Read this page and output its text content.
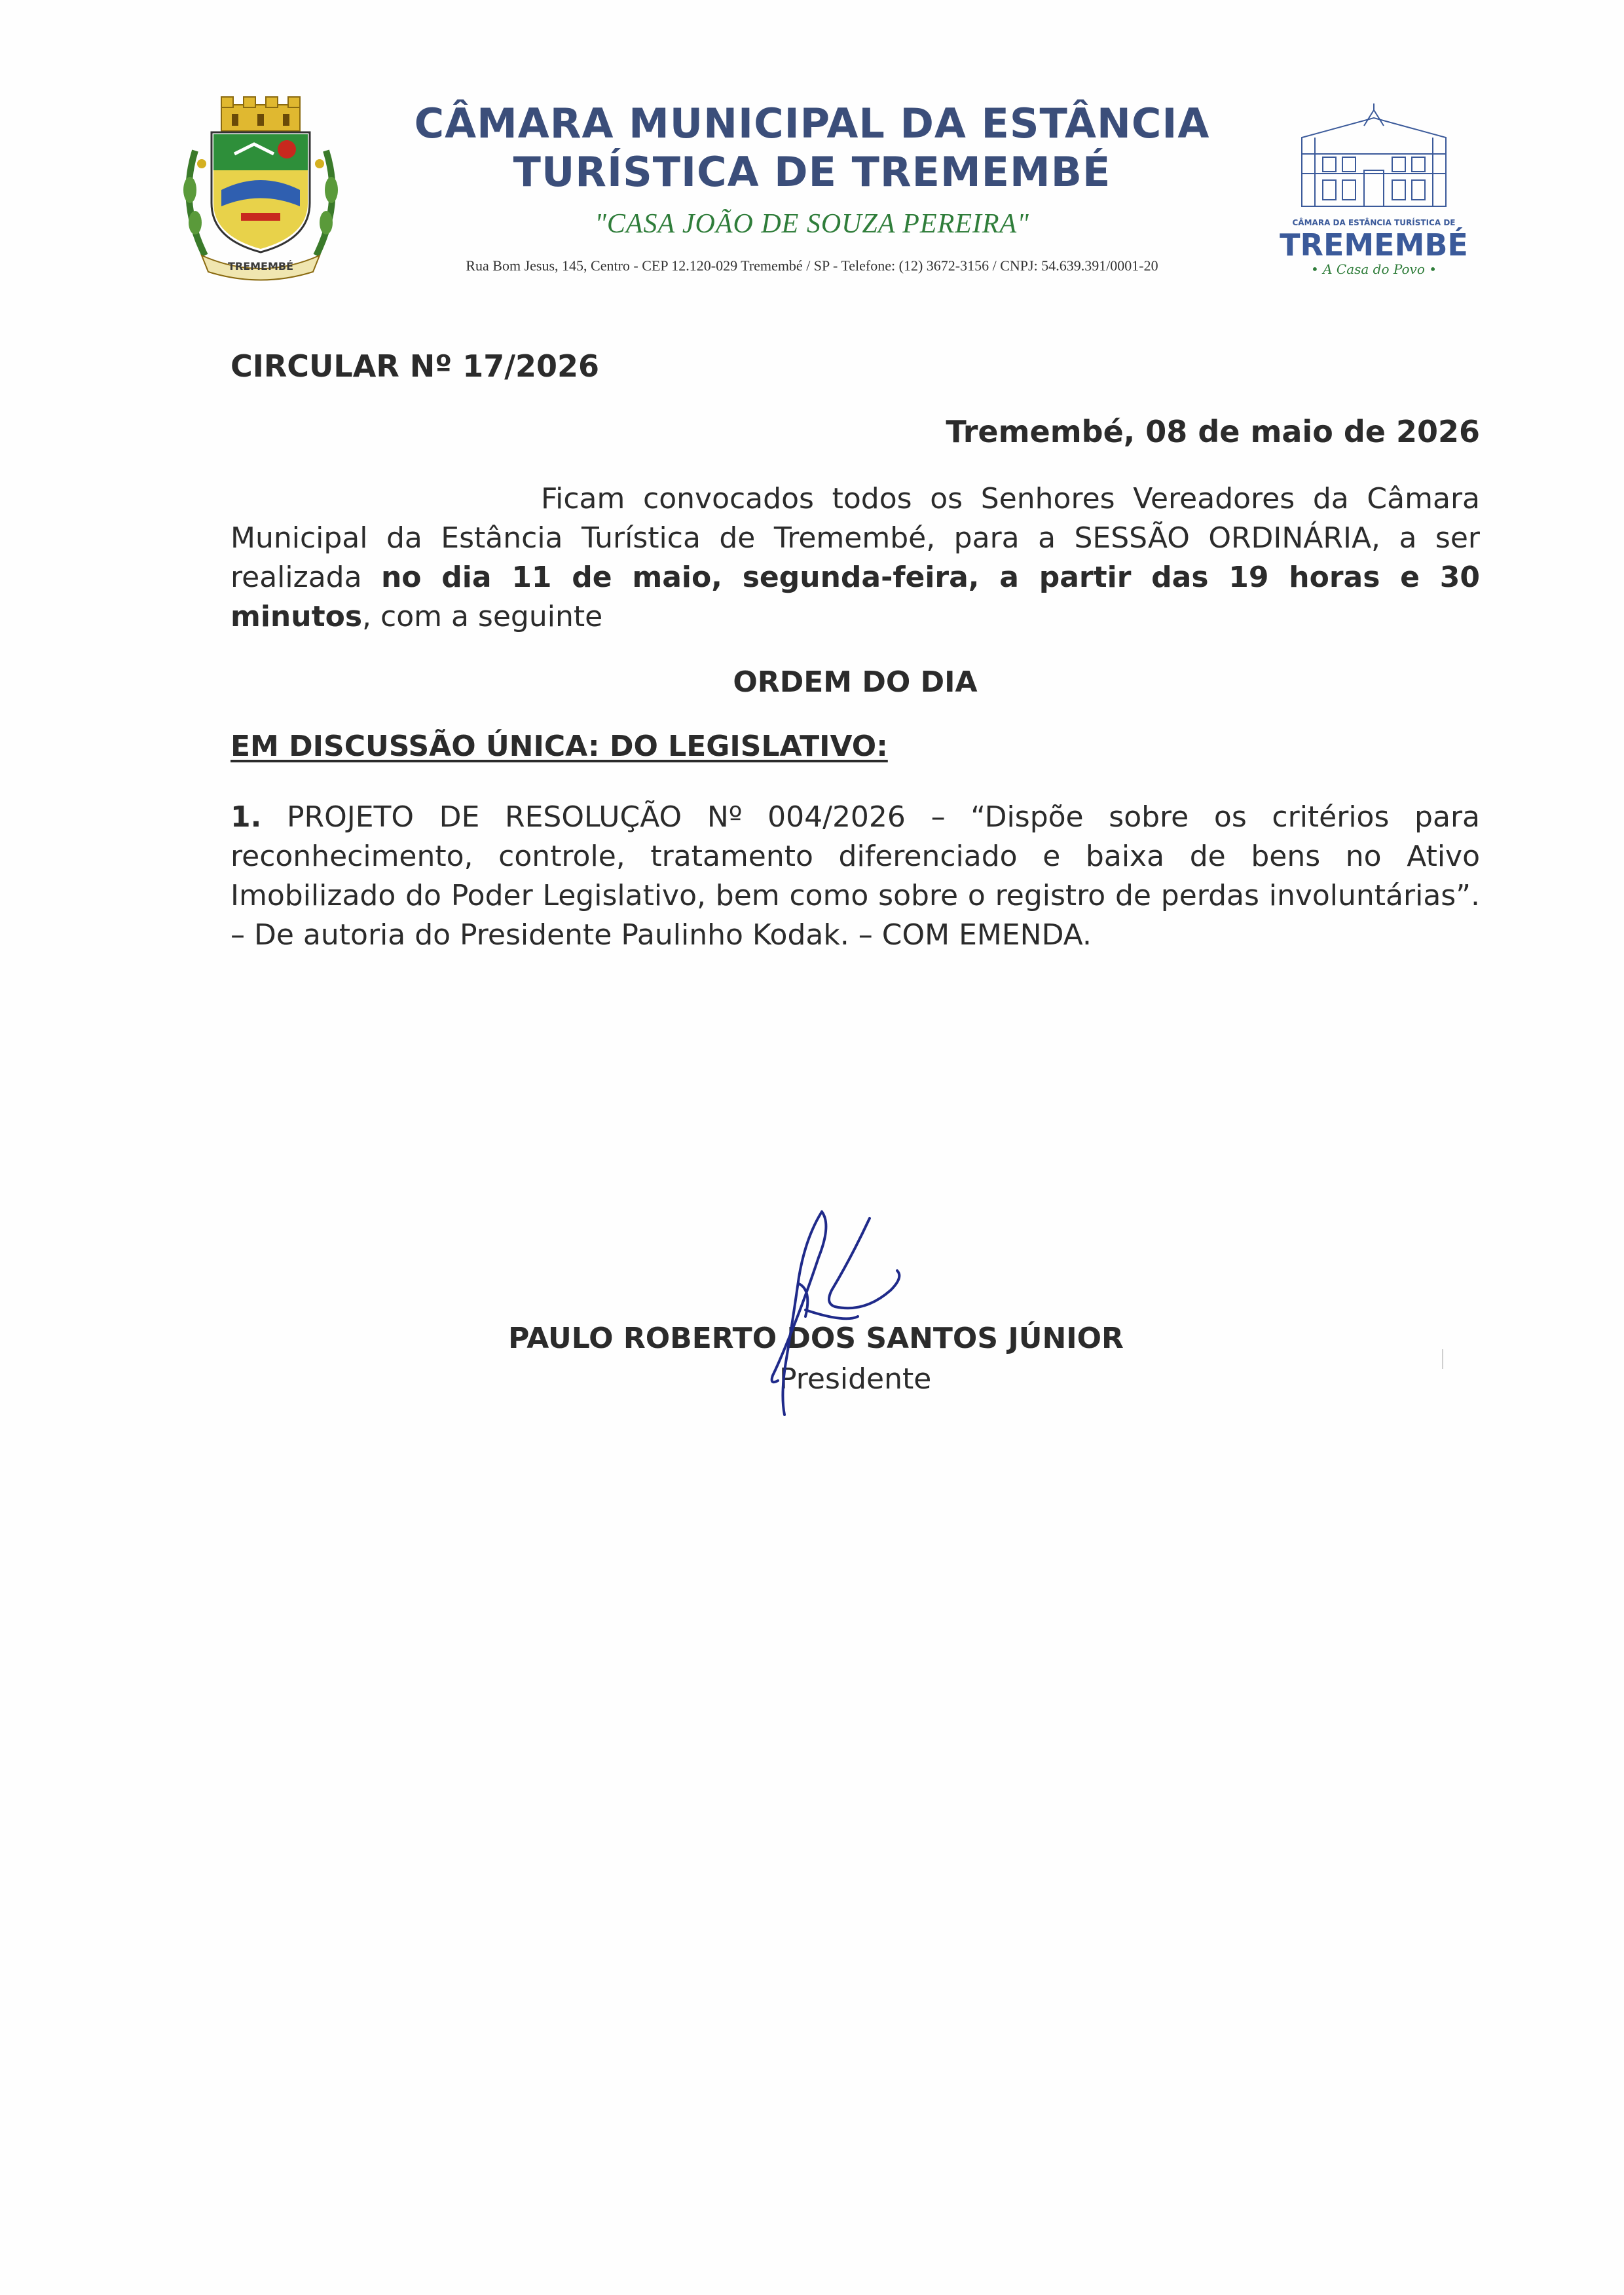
TREMEMBÉ
CÂMARA MUNICIPAL DA ESTÂNCIA
TURÍSTICA DE TREMEMBÉ
"CASA JOÃO DE SOUZA PEREIRA"
Rua Bom Jesus, 145, Centro - CEP 12.120-029 Tremembé / SP - Telefone: (12) 3672-3156 / CNPJ: 54.639.391/0001-20
CÂMARA DA ESTÂNCIA TURÍSTICA DE
TREMEMBÉ
• A Casa do Povo •
CIRCULAR Nº 17/2026
Tremembé, 08 de maio de 2026
Ficam convocados todos os Senhores Vereadores da Câmara Municipal da Estância Turística de Tremembé, para a SESSÃO ORDINÁRIA, a ser realizada no dia 11 de maio, segunda-feira, a partir das 19 horas e 30 minutos, com a seguinte
ORDEM DO DIA
EM DISCUSSÃO ÚNICA: DO LEGISLATIVO:
1. PROJETO DE RESOLUÇÃO Nº 004/2026 – “Dispõe sobre os critérios para reconhecimento, controle, tratamento diferenciado e baixa de bens no Ativo Imobilizado do Poder Legislativo, bem como sobre o registro de perdas involuntárias”. – De autoria do Presidente Paulinho Kodak. – COM EMENDA.
PAULO ROBERTO DOS SANTOS JÚNIOR
Presidente
